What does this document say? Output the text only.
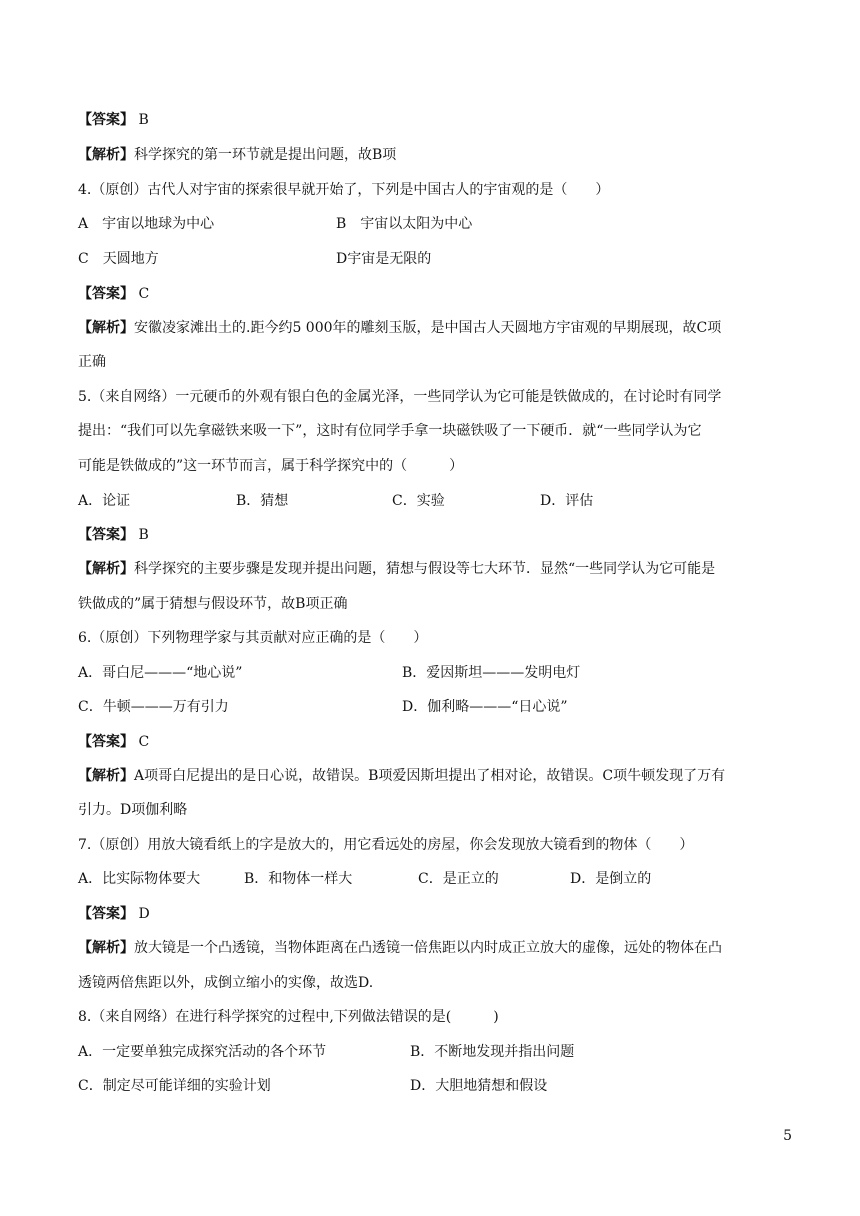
【答案】 B
【解析】科学探究的第一环节就是提出问题，故B项
4.（原创）古代人对宇宙的探索很早就开始了，下列是中国古人的宇宙观的是（　　）
A　宇宙以地球为中心	B　宇宙以太阳为中心
C　天圆地方	D宇宙是无限的
【答案】 C
【解析】安徽凌家滩出土的.距今约5 000年的雕刻玉版，是中国古人天圆地方宇宙观的早期展现，故C项
正确
5.（来自网络）一元硬币的外观有银白色的金属光泽，一些同学认为它可能是铁做成的，在讨论时有同学
提出：“我们可以先拿磁铁来吸一下”，这时有位同学手拿一块磁铁吸了一下硬币．就“一些同学认为它
可能是铁做成的”这一环节而言，属于科学探究中的（　　　）
A．论证	B．猜想	C．实验	D．评估
【答案】 B
【解析】科学探究的主要步骤是发现并提出问题，猜想与假设等七大环节．显然“一些同学认为它可能是
铁做成的”属于猜想与假设环节，故B项正确
6.（原创）下列物理学家与其贡献对应正确的是（　　）
A．哥白尼———“地心说”	B．爱因斯坦———发明电灯
C．牛顿———万有引力	D．伽利略———“日心说”
【答案】 C
【解析】A项哥白尼提出的是日心说，故错误。B项爱因斯坦提出了相对论，故错误。C项牛顿发现了万有
引力。D项伽利略
7.（原创）用放大镜看纸上的字是放大的，用它看远处的房屋，你会发现放大镜看到的物体（　　）
A．比实际物体要大	B．和物体一样大	C．是正立的	D．是倒立的
【答案】 D
【解析】放大镜是一个凸透镜，当物体距离在凸透镜一倍焦距以内时成正立放大的虚像，远处的物体在凸
透镜两倍焦距以外，成倒立缩小的实像，故选D.
8.（来自网络）在进行科学探究的过程中,下列做法错误的是(　　　)
A．一定要单独完成探究活动的各个环节	B．不断地发现并指出问题
C．制定尽可能详细的实验计划	D．大胆地猜想和假设
5
